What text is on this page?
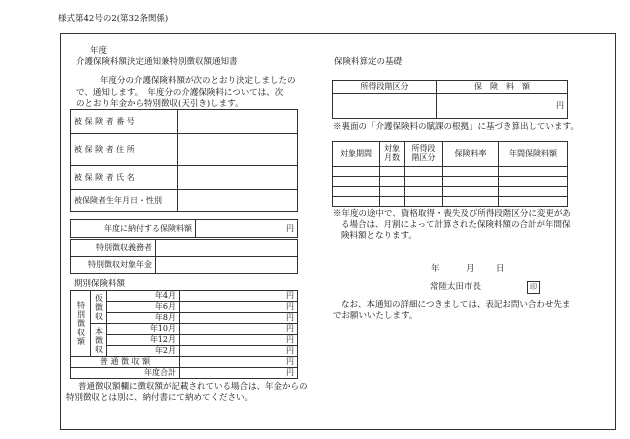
様式第42号の2(第32条関係)
年度
介護保険料額決定通知兼特別徴収額通知書
年度分の介護保険料額が次のとおり決定しましたの
で、通知します。　年度分の介護保険料については、次
のとおり年金から特別徴収(天引き)します。
被 保 険 者 番 号	
被 保 険 者 住 所	
被 保 険 者 氏 名	
被保険者生年月日・性別	
年度に納付する保険料額	円
特別徴収義務者	
特別徴収対象年金	
期別保険料額
特別徴収額	仮徴収	年4月	円
		年6月	円
		年8月	円
	本徴収	年10月	円
		年12月	円
		年2月	円
普 通 徴 収 額			円
年度合計			円
普通徴収額欄に徴収額が記載されている場合は、年金からの
特別徴収とは別に、納付書にて納めてください。
保険料算定の基礎
所得段階区分	保　険　料　額
	円
※裏面の「介護保険料の賦課の根拠」に基づき算出しています。
対象期間	対象月数	所得段階区分	保険料率	年間保険料額

※年度の途中で、資格取得・喪失及び所得段階区分に変更があ
る場合は、月割によって計算された保険料額の合計が年間保
険料額となります。
年	月	日
常陸太田市長	印
なお、本通知の詳細につきましては、表記お問い合わせ先ま
でお願いいたします。
